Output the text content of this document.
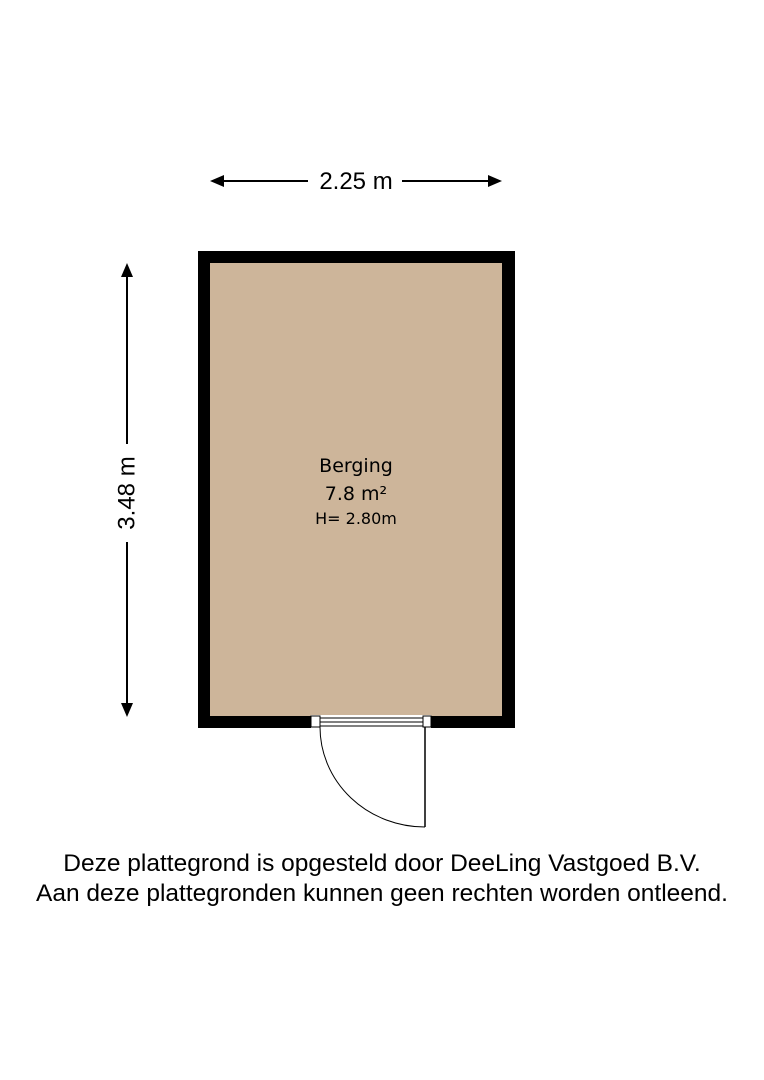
2.25 m
3.48 m	Berging
7.8 m²
H= 2.80m
Deze plattegrond is opgesteld door DeeLing Vastgoed B.V.
Aan deze plattegronden kunnen geen rechten worden ontleend.
